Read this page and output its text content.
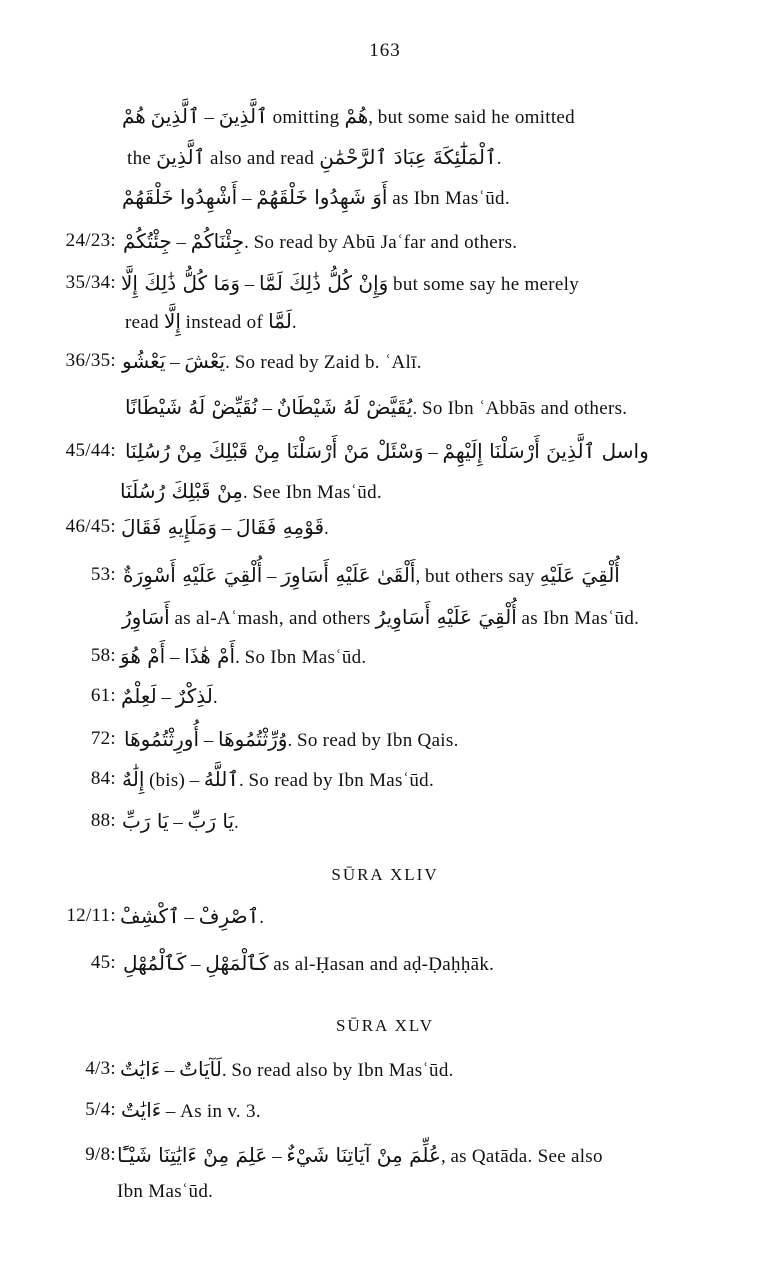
163
هُمْ ٱلَّذِينَ – ٱلَّذِينَ omitting هُمْ, but some said he omitted
the ٱلَّذِينَ also and read ٱلْمَلَٰٓئِكَةَ عِبَادَ ٱلرَّحْمَٰنِ.
أَشْهِدُوا خَلْقَهُمْ – أَوَ شَهِدُوا خَلْقَهُمْ as Ibn Masʿūd.
24/23: جِئْتُكُمْ – جِئْنَاكُمْ. So read by Abū Jaʿfar and others.
35/34: وَمَا كُلُّ ذَٰلِكَ إِلَّا – وَإِنْ كُلُّ ذَٰلِكَ لَمَّا but some say he merely
read إِلَّا instead of لَمَّا.
36/35: يَعْشُو – يَعْشَ. So read by Zaid b. ʿAlī.
نُقَيِّضْ لَهُ شَيْطَانًا – يُقَيَّضْ لَهُ شَيْطَانٌ. So Ibn ʿAbbās and others.
45/44: وَسْئَلْ مَنْ أَرْسَلْنَا مِنْ قَبْلِكَ مِنْ رُسُلِنَا – واسل ٱلَّذِينَ أَرْسَلْنَا إِلَيْهِمْ
مِنْ قَبْلِكَ رُسُلَنَا. See Ibn Masʿūd.
46/45: وَمَلَإِيهِ فَقَالَ – قَوْمِهِ فَقَالَ.
53: أُلْقِيَ عَلَيْهِ أَسْوِرَةٌ – أَلْقَىٰ عَلَيْهِ أَسَاوِرَ, but others say أُلْقِيَ عَلَيْهِ
أَسَاوِرُ as al-Aʿmash, and others أُلْقِيَ عَلَيْهِ أَسَاوِيرُ as Ibn Masʿūd.
58: أَمْ هُوَ – أَمْ هَٰذَا. So Ibn Masʿūd.
61: لَعِلْمٌ – لَذِكْرٌ.
72: أُورِثْتُمُوهَا – وُرِّثْتُمُوهَا. So read by Ibn Qais.
84: إِلَٰهٌ (bis) – ٱللَّهُ. So read by Ibn Masʿūd.
88: يَا رَبِّ – يَا رَبِّ.
12/11: ٱكْشِفْ – ٱصْرِفْ.
45: كَٱلْمُهْلِ – كَٱلْمَهْلِ as al-Ḥasan and aḍ-Ḍaḥḥāk.
4/3: ءَايَٰتٌ – لَآيَاتٌ. So read also by Ibn Masʿūd.
5/4: ءَايَٰتٌ – As in v. 3.
9/8: عَلِمَ مِنْ ءَايَٰتِنَا شَيْـًٔا – عُلِّمَ مِنْ آيَاتِنَا شَيْءٌ, as Qatāda. See also
Ibn Masʿūd.
SŪRA XLIV
SŪRA XLV
